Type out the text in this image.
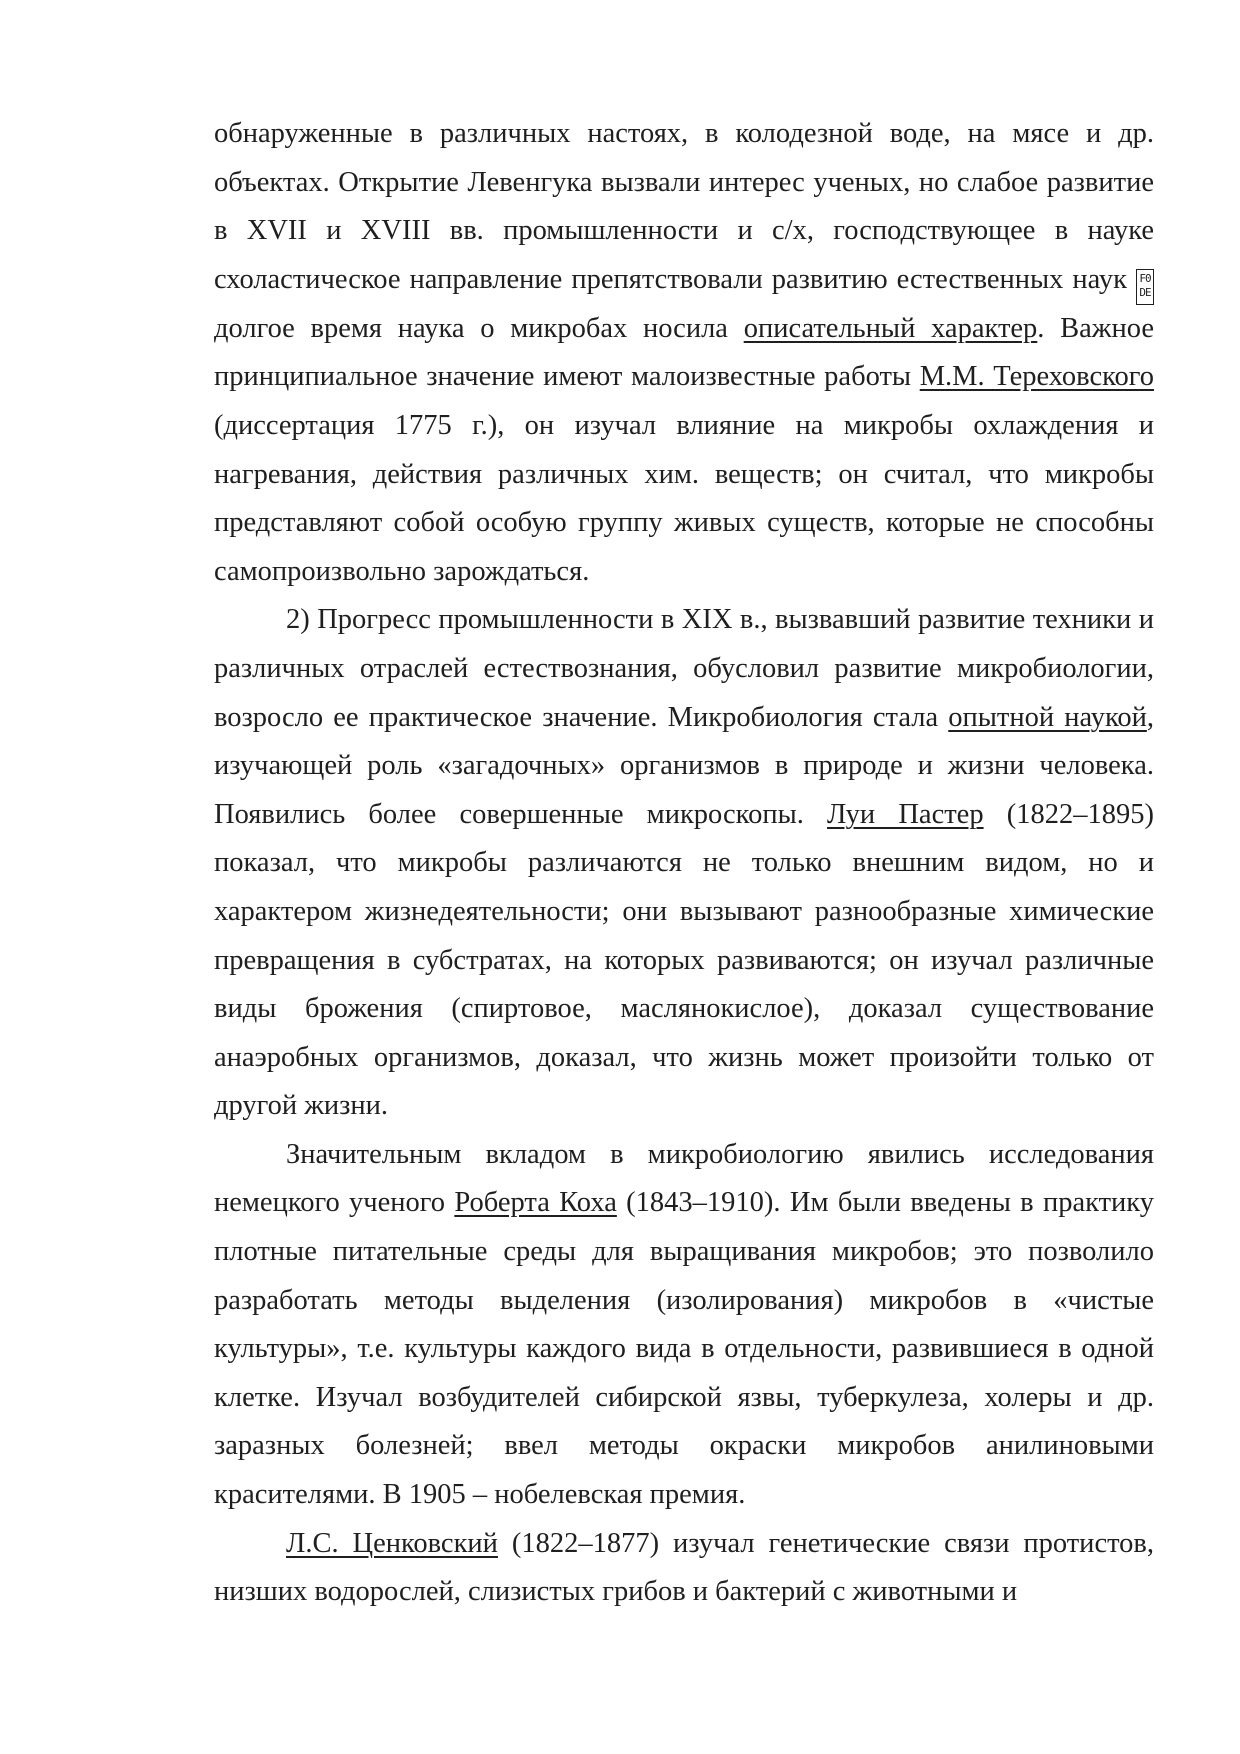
обнаруженные в различных настоях, в колодезной воде, на мясе и др. объектах. Открытие Левенгука вызвали интерес ученых, но слабое развитие в XVII и XVIII вв. промышленности и с/х, господствующее в науке схоластическое направление препятствовали развитию естественных наук F0
DE
долгое время наука о микробах носила описательный характер. Важное принципиальное значение имеют малоизвестные работы М.М. Тереховского (диссертация 1775 г.), он изучал влияние на микробы охлаждения и нагревания, действия различных хим. веществ; он считал, что микробы представляют собой особую группу живых существ, которые не способны самопроизвольно зарождаться.

2) Прогресс промышленности в XIX в., вызвавший развитие техники и различных отраслей естествознания, обусловил развитие микробиологии, возросло ее практическое значение. Микробиология стала опытной наукой, изучающей роль «загадочных» организмов в природе и жизни человека. Появились более совершенные микроскопы. Луи Пастер (1822–1895) показал, что микробы различаются не только внешним видом, но и характером жизнедеятельности; они вызывают разнообразные химические превращения в субстратах, на которых развиваются; он изучал различные виды брожения (спиртовое, маслянокислое), доказал существование анаэробных организмов, доказал, что жизнь может произойти только от другой жизни.

Значительным вкладом в микробиологию явились исследования немецкого ученого Роберта Коха (1843–1910). Им были введены в практику плотные питательные среды для выращивания микробов; это позволило разработать методы выделения (изолирования) микробов в «чистые культуры», т.е. культуры каждого вида в отдельности, развившиеся в одной клетке. Изучал возбудителей сибирской язвы, туберкулеза, холеры и др. заразных болезней; ввел методы окраски микробов анилиновыми красителями. В 1905 – нобелевская премия.

Л.С. Ценковский (1822–1877) изучал генетические связи протистов, низших водорослей, слизистых грибов и бактерий с животными и
